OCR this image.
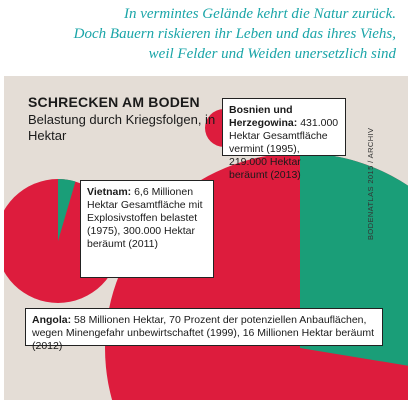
In vermintes Gelände kehrt die Natur zurück.
Doch Bauern riskieren ihr Leben und das ihres Viehs,
weil Felder und Weiden unersetzlich sind
SCHRECKEN AM BODEN
Belastung durch Kriegsfolgen, in Hektar	BODENATLAS 2015 / ARCHIV
Bosnien und Herzegowina: 431.000 Hektar Gesamtfläche vermint (1995), 219.000 Hektar beräumt (2013)
Vietnam: 6,6 Millionen Hektar Gesamtfläche mit Explosivstoffen belastet (1975), 300.000 Hektar beräumt (2011)
Angola: 58 Millionen Hektar, 70 Prozent der potenziellen Anbauflächen, wegen Minengefahr unbewirtschaftet (1999), 16 Millionen Hektar beräumt (2012)
